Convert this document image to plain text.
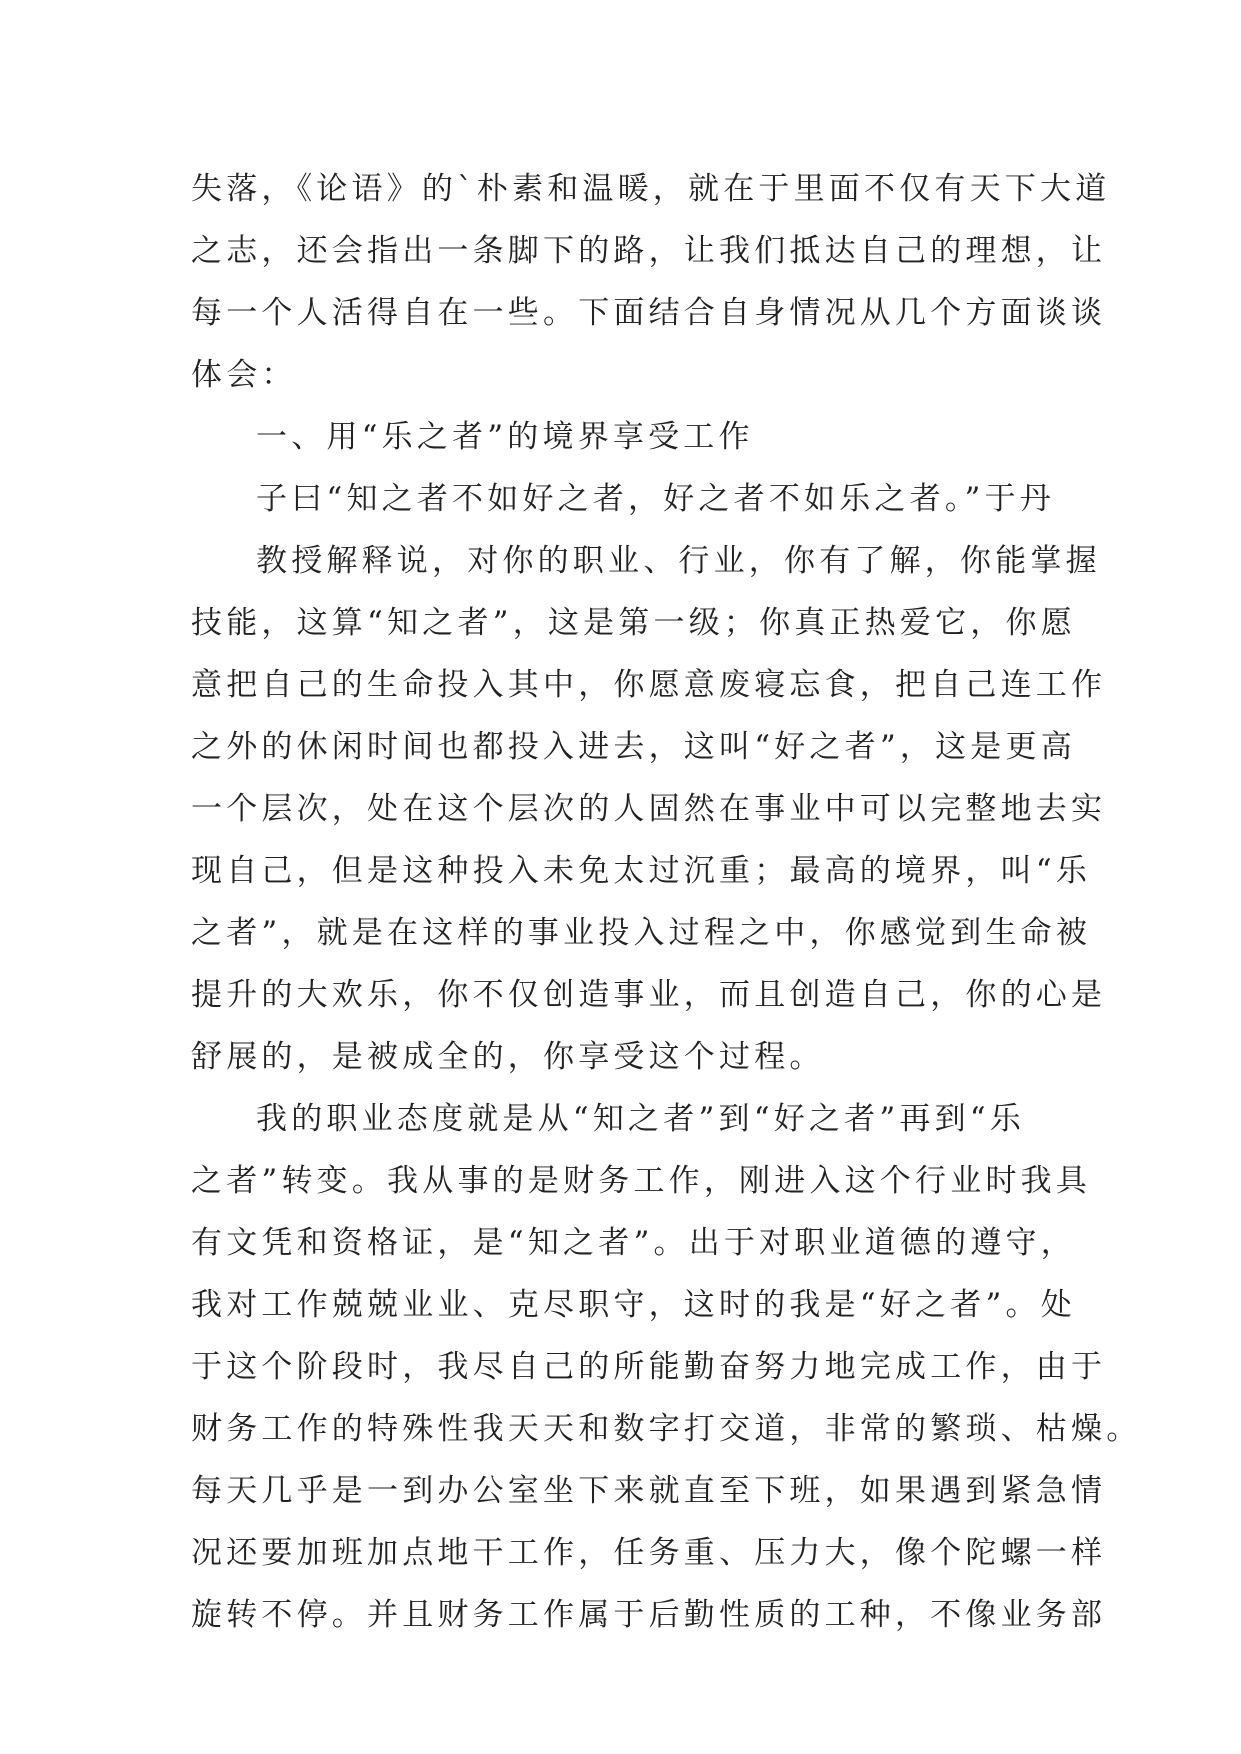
失落，《论语》的`朴素和温暖，就在于里面不仅有天下大道
之志，还会指出一条脚下的路，让我们抵达自己的理想，让
每一个人活得自在一些。下面结合自身情况从几个方面谈谈
体会：
一、用“乐之者”的境界享受工作
子曰“知之者不如好之者，好之者不如乐之者。”于丹
教授解释说，对你的职业、行业，你有了解，你能掌握
技能，这算“知之者”，这是第一级；你真正热爱它，你愿
意把自己的生命投入其中，你愿意废寝忘食，把自己连工作
之外的休闲时间也都投入进去，这叫“好之者”，这是更高
一个层次，处在这个层次的人固然在事业中可以完整地去实
现自己，但是这种投入未免太过沉重；最高的境界，叫“乐
之者”，就是在这样的事业投入过程之中，你感觉到生命被
提升的大欢乐，你不仅创造事业，而且创造自己，你的心是
舒展的，是被成全的，你享受这个过程。
我的职业态度就是从“知之者”到“好之者”再到“乐
之者”转变。我从事的是财务工作，刚进入这个行业时我具
有文凭和资格证，是“知之者”。出于对职业道德的遵守，
我对工作兢兢业业、克尽职守，这时的我是“好之者”。处
于这个阶段时，我尽自己的所能勤奋努力地完成工作，由于
财务工作的特殊性我天天和数字打交道，非常的繁琐、枯燥。
每天几乎是一到办公室坐下来就直至下班，如果遇到紧急情
况还要加班加点地干工作，任务重、压力大，像个陀螺一样
旋转不停。并且财务工作属于后勤性质的工种，不像业务部
